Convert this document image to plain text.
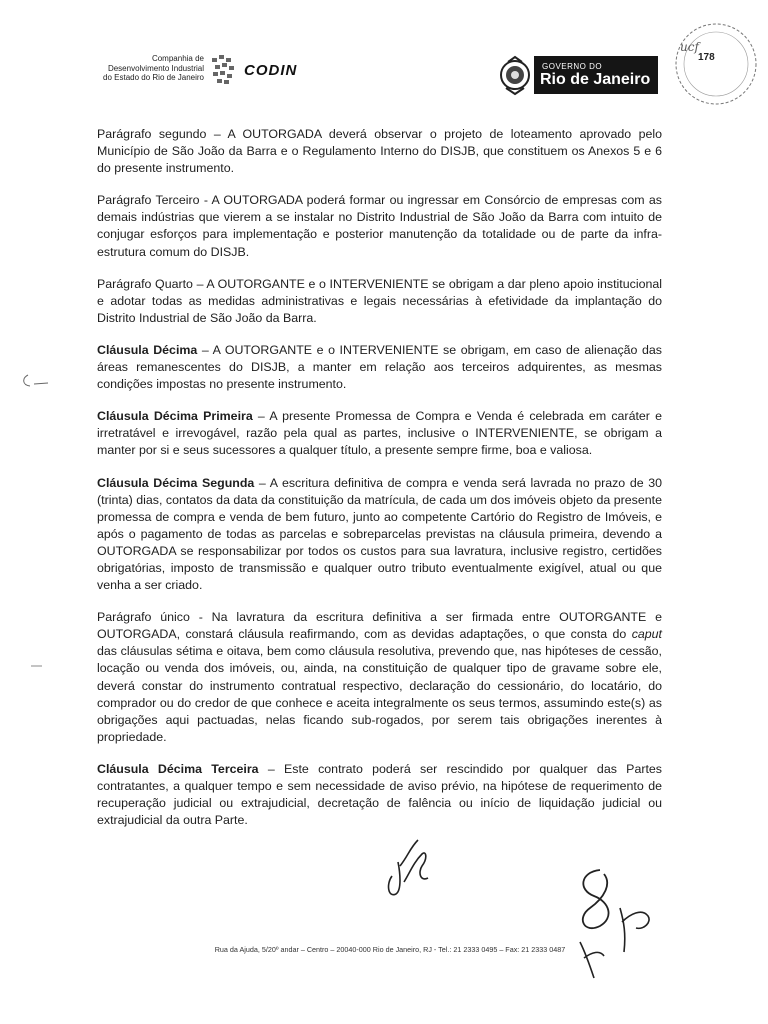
Companhia de
Desenvolvimento Industrial
do Estado do Rio de Janeiro	CODIN	GOVERNO DO
Rio de Janeiro
ucf
178

Parágrafo segundo – A OUTORGADA deverá observar o projeto de loteamento aprovado pelo Município de São João da Barra e o Regulamento Interno do DISJB, que constituem os Anexos 5 e 6 do presente instrumento.

Parágrafo Terceiro - A OUTORGADA poderá formar ou ingressar em Consórcio de empresas com as demais indústrias que vierem a se instalar no Distrito Industrial de São João da Barra com intuito de conjugar esforços para implementação e posterior manutenção da totalidade ou de parte da infra-estrutura comum do DISJB.

Parágrafo Quarto – A OUTORGANTE e o INTERVENIENTE se obrigam a dar pleno apoio institucional e adotar todas as medidas administrativas e legais necessárias à efetividade da implantação do Distrito Industrial de São João da Barra.

Cláusula Décima – A OUTORGANTE e o INTERVENIENTE se obrigam, em caso de alienação das áreas remanescentes do DISJB, a manter em relação aos terceiros adquirentes, as mesmas condições impostas no presente instrumento.

Cláusula Décima Primeira – A presente Promessa de Compra e Venda é celebrada em caráter e irretratável e irrevogável, razão pela qual as partes, inclusive o INTERVENIENTE, se obrigam a manter por si e seus sucessores a qualquer título, a presente sempre firme, boa e valiosa.

Cláusula Décima Segunda – A escritura definitiva de compra e venda será lavrada no prazo de 30 (trinta) dias, contatos da data da constituição da matrícula, de cada um dos imóveis objeto da presente promessa de compra e venda de bem futuro, junto ao competente Cartório do Registro de Imóveis, e após o pagamento de todas as parcelas e sobreparcelas previstas na cláusula primeira, devendo a OUTORGADA se responsabilizar por todos os custos para sua lavratura, inclusive registro, certidões obrigatórias, imposto de transmissão e qualquer outro tributo eventualmente exigível, atual ou que venha a ser criado.

Parágrafo único - Na lavratura da escritura definitiva a ser firmada entre OUTORGANTE e OUTORGADA, constará cláusula reafirmando, com as devidas adaptações, o que consta do caput das cláusulas sétima e oitava, bem como cláusula resolutiva, prevendo que, nas hipóteses de cessão, locação ou venda dos imóveis, ou, ainda, na constituição de qualquer tipo de gravame sobre ele, deverá constar do instrumento contratual respectivo, declaração do cessionário, do locatário, do comprador ou do credor de que conhece e aceita integralmente os seus termos, assumindo este(s) as obrigações aqui pactuadas, nelas ficando sub-rogados, por serem tais obrigações inerentes à propriedade.

Cláusula Décima Terceira – Este contrato poderá ser rescindido por qualquer das Partes contratantes, a qualquer tempo e sem necessidade de aviso prévio, na hipótese de requerimento de recuperação judicial ou extrajudicial, decretação de falência ou início de liquidação judicial ou extrajudicial da outra Parte.

Rua da Ajuda, 5/20º andar – Centro – 20040-000 Rio de Janeiro, RJ - Tel.: 21 2333 0495 – Fax: 21 2333 0487
